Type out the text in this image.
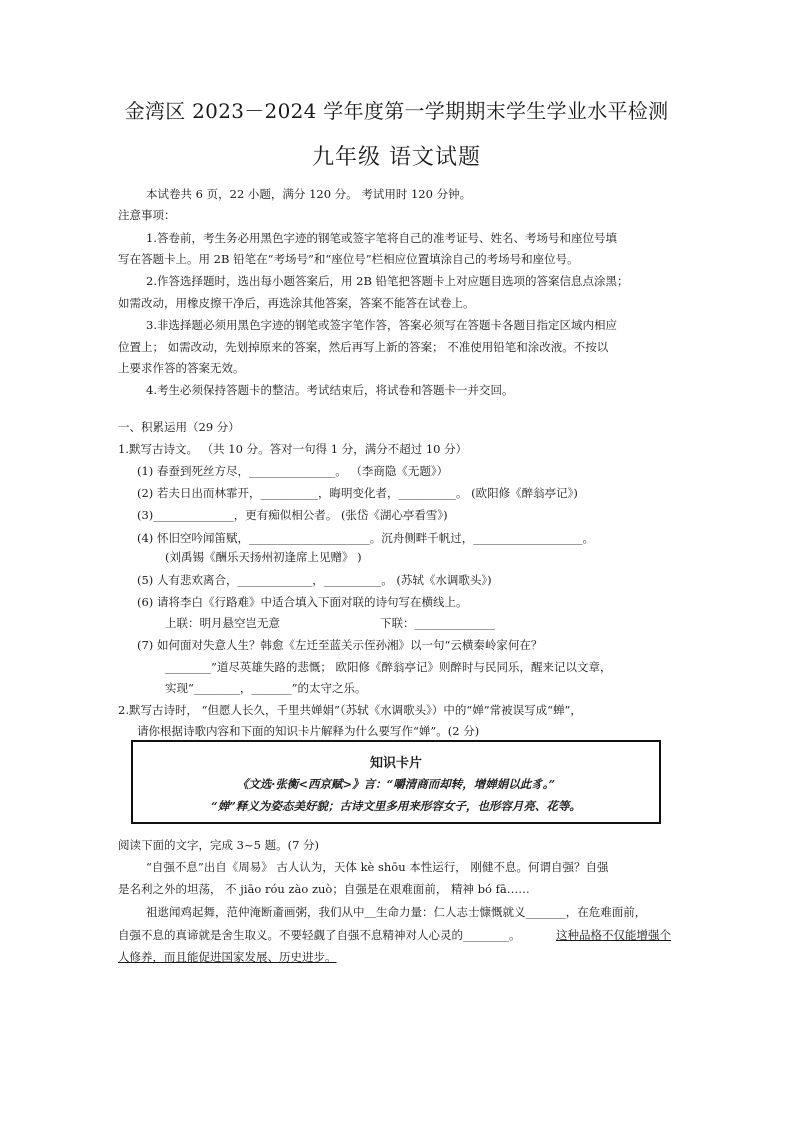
金湾区 2023－2024 学年度第一学期期末学生学业水平检测
九年级 语文试题
本试卷共 6 页，22 小题，满分 120 分。 考试用时 120 分钟。
注意事项：
1.答卷前，考生务必用黑色字迹的钢笔或签字笔将自己的准考证号、姓名、考场号和座位号填
写在答题卡上。用 2B 铅笔在“考场号”和“座位号”栏相应位置填涂自己的考场号和座位号。
2.作答选择题时，选出每小题答案后，用 2B 铅笔把答题卡上对应题目选项的答案信息点涂黑；
如需改动，用橡皮擦干净后，再选涂其他答案，答案不能答在试卷上。
3.非选择题必须用黑色字迹的钢笔或签字笔作答，答案必须写在答题卡各题目指定区域内相应
位置上； 如需改动，先划掉原来的答案，然后再写上新的答案； 不准使用铅笔和涂改液。不按以
上要求作答的答案无效。
4.考生必须保持答题卡的整洁。考试结束后，将试卷和答题卡一并交回。
一、积累运用（29 分）
1.默写古诗文。 （共 10 分。答对一句得 1 分，满分不超过 10 分）
(1) 春蚕到死丝方尽，_______________。 （李商隐《无题》）
(2) 若夫日出而林霏开，__________，晦明变化者，__________。 (欧阳修《醉翁亭记》)
(3)______________，更有痴似相公者。 (张岱《湖心亭看雪》)
(4) 怀旧空吟闻笛赋，_____________________。沉舟侧畔千帆过，___________________。
(刘禹锡《酬乐天扬州初逢席上见赠》 )
(5) 人有悲欢离合，_____________，__________。 (苏轼《水调歌头》)
(6) 请将李白《行路难》中适合填入下面对联的诗句写在横线上。
上联：明月悬空岂无意	下联：______________
(7) 如何面对失意人生？韩愈《左迁至蓝关示侄孙湘》以一句“云横秦岭家何在？
________”道尽英雄失路的悲慨； 欧阳修《醉翁亭记》则醉时与民同乐，醒来记以文章，
实现“________，_______”的太守之乐。
2.默写古诗时， “但愿人长久，千里共婵娟”（苏轼《水调歌头》）中的“婵”常被误写成“蝉”，
请你根据诗歌内容和下面的知识卡片解释为什么要写作“婵”。(2 分)
知识卡片
《文选·张衡<西京赋>》言：“嚼清商而却转，增婵娟以此豸。”
“婵”释义为姿态美好貌；古诗文里多用来形容女子，也形容月亮、花等。
阅读下面的文字，完成 3~5 题。(7 分)
“自强不息”出自《周易》 古人认为，天体 kè shōu 本性运行， 刚健不息。何谓自强？自强
是名利之外的坦荡， 不 jiāo róu zào zuò；自强是在艰难面前， 精神 bó fā……
祖逖闻鸡起舞，范仲淹断齑画粥，我们从中＿生命力量：仁人志士慷慨就义_______，在危难面前，
自强不息的真谛就是舍生取义。不要轻觑了自强不息精神对人心灵的________。	这种品格不仅能增强个
人修养，而且能促进国家发展、历史进步。
